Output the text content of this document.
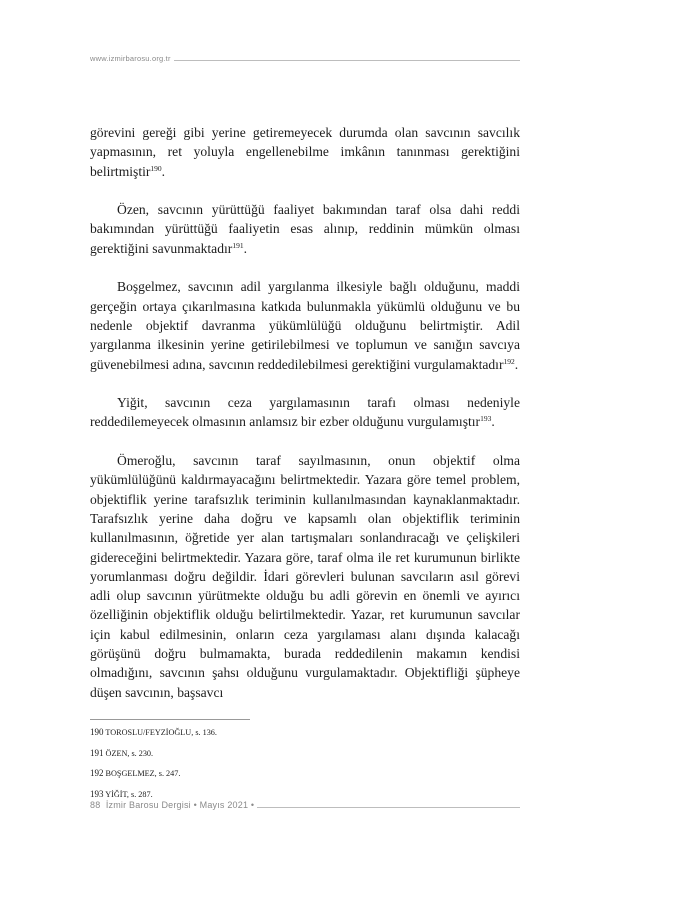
www.izmirbarosu.org.tr

görevini gereği gibi yerine getiremeyecek durumda olan savcının savcılık yapmasının, ret yoluyla engellenebilme imkânın tanınması gerektiğini belirtmiştir$^{190}$.

Özen, savcının yürüttüğü faaliyet bakımından taraf olsa dahi reddi bakımından yürüttüğü faaliyetin esas alınıp, reddinin mümkün olması gerektiğini savunmaktadır$^{191}$.

Boşgelmez, savcının adil yargılanma ilkesiyle bağlı olduğunu, maddi gerçeğin ortaya çıkarılmasına katkıda bulunmakla yükümlü olduğunu ve bu nedenle objektif davranma yükümlülüğü olduğunu belirtmiştir. Adil yargılanma ilkesinin yerine getirilebilmesi ve toplumun ve sanığın savcıya güvenebilmesi adına, savcının reddedilebilmesi gerektiğini vurgulamaktadır$^{192}$.

Yiğit, savcının ceza yargılamasının tarafı olması nedeniyle reddedilemeyecek olmasının anlamsız bir ezber olduğunu vurgulamıştır$^{193}$.

Ömeroğlu, savcının taraf sayılmasının, onun objektif olma yükümlülüğünü kaldırmayacağını belirtmektedir. Yazara göre temel problem, objektiflik yerine tarafsızlık teriminin kullanılmasından kaynaklanmaktadır. Tarafsızlık yerine daha doğru ve kapsamlı olan objektiflik teriminin kullanılmasının, öğretide yer alan tartışmaları sonlandıracağı ve çelişkileri gidereceğini belirtmektedir. Yazara göre, taraf olma ile ret kurumunun birlikte yorumlanması doğru değildir. İdari görevleri bulunan savcıların asıl görevi adli olup savcının yürütmekte olduğu bu adli görevin en önemli ve ayırıcı özelliğinin objektiflik olduğu belirtilmektedir. Yazar, ret kurumunun savcılar için kabul edilmesinin, onların ceza yargılaması alanı dışında kalacağı görüşünü doğru bulmamakta, burada reddedilenin makamın kendisi olmadığını, savcının şahsı olduğunu vurgulamaktadır. Objektifliği şüpheye düşen savcının, başsavcı

190 TOROSLU/FEYZİOĞLU, s. 136.
191 ÖZEN, s. 230.
192 BOŞGELMEZ, s. 247.
193 YİĞİT, s. 287.
88 İzmir Barosu Dergisi • Mayıs 2021 •
